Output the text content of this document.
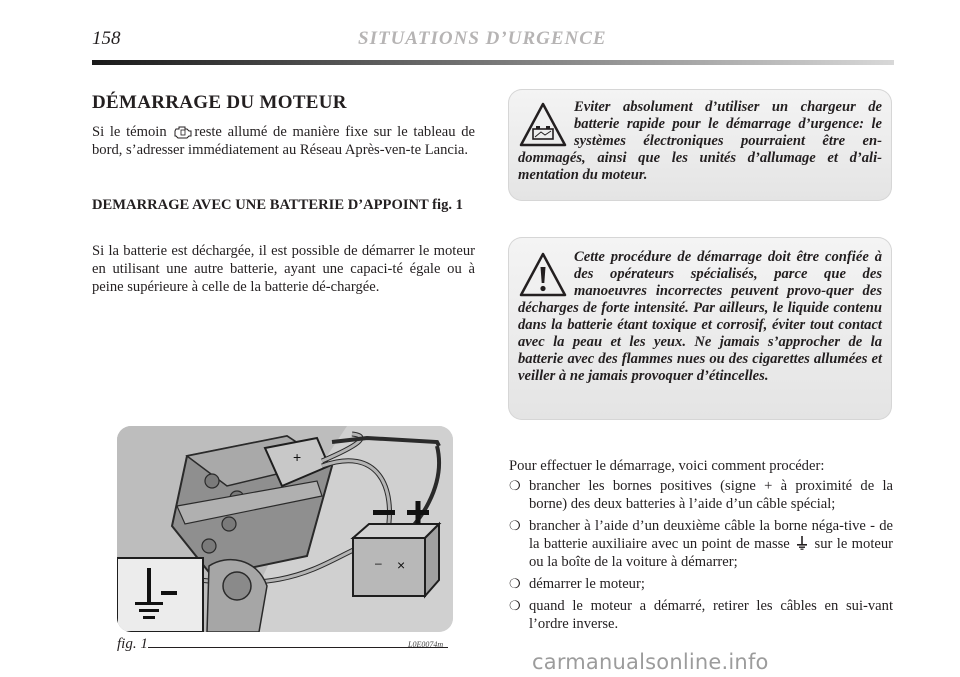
158	SITUATIONS D’URGENCE
DÉMARRAGE DU MOTEUR

Si le témoin reste allumé de manière fixe sur le tableau de bord, s’adresser immédiatement au Réseau Après-ven-te Lancia.

DEMARRAGE AVEC UNE BATTERIE D’APPOINT fig. 1

Si la batterie est déchargée, il est possible de démarrer le moteur en utilisant une autre batterie, ayant une capaci-té égale ou à peine supérieure à celle de la batterie dé-chargée.

Eviter absolument d’utiliser un chargeur de batterie rapide pour le démarrage d’urgence: le systèmes électroniques pourraient être en-dommagés, ainsi que les unités d’allumage et d’ali-mentation du moteur.

Cette procédure de démarrage doit être confiée à des opérateurs spécialisés, parce que des manoeuvres incorrectes peuvent provo-quer des décharges de forte intensité. Par ailleurs, le liquide contenu dans la batterie étant toxique et corrosif, éviter tout contact avec la peau et les yeux. Ne jamais s’approcher de la batterie avec des flammes nues ou des cigarettes allumées et veiller à ne jamais provoquer d’étincelles.

+
– ×
fig. 1	L0E0074m

Pour effectuer le démarrage, voici comment procéder:

❍ brancher les bornes positives (signe + à proximité de la borne) des deux batteries à l’aide d’un câble spécial;
❍ brancher à l’aide d’un deuxième câble la borne néga-tive - de la batterie auxiliaire avec un point de masse  sur le moteur ou la boîte de la voiture à démarrer;
❍ démarrer le moteur;
❍ quand le moteur a démarré, retirer les câbles en sui-vant l’ordre inverse.
carmanualsonline.info
